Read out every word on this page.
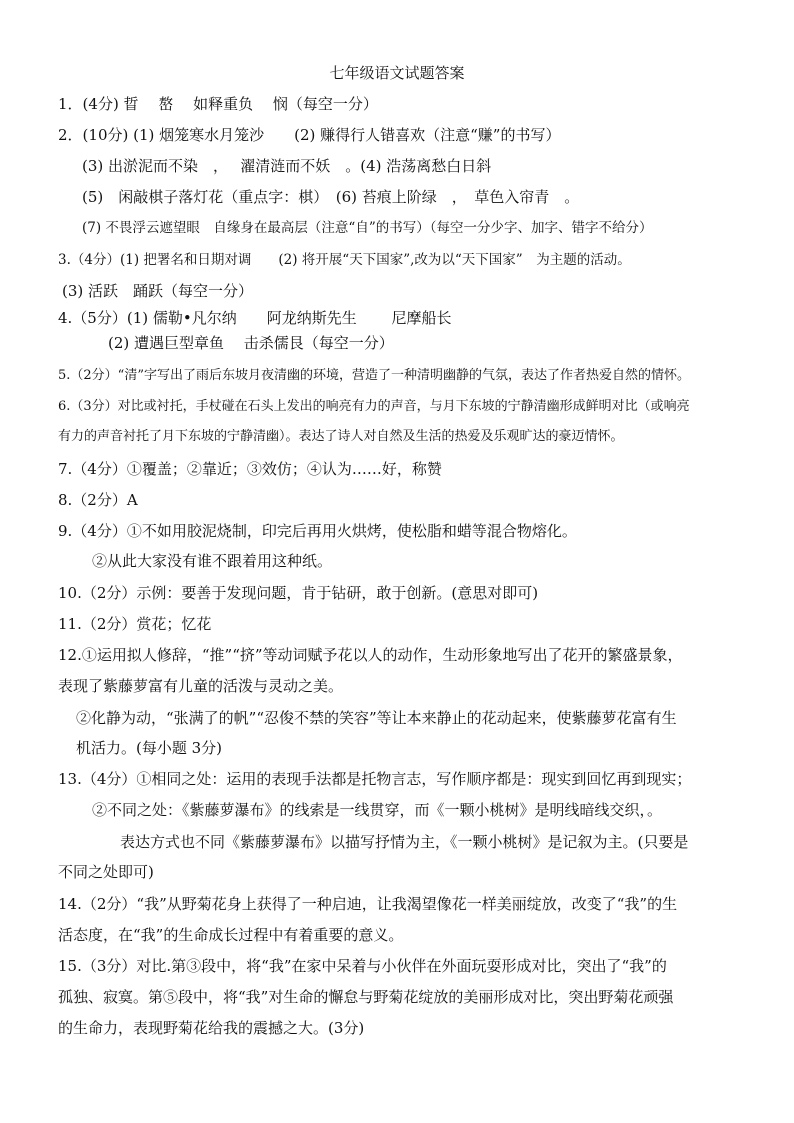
七年级语文试题答案
1．(4分) 晢　 嶅　 如释重负　 悯（每空一分）
2．(10分) (1) 烟笼寒水月笼沙　　(2) 赚得行人错喜欢（注意“赚”的书写）
(3) 出淤泥而不染　，　 濯清涟而不妖　。(4) 浩荡离愁白日斜
(5)　闲敲棋子落灯花（重点字：棋）　(6) 苔痕上阶绿　，　草色入帘青　。
(7) 不畏浮云遮望眼　自缘身在最高层（注意“自”的书写）（每空一分少字、加字、错字不给分）
3.（4分）(1) 把署名和日期对调　　(2) 将开展“天下国家”,改为以“天下国家”　为主题的活动。
(3) 活跃　踊跃（每空一分）
4.（5分）(1) 儒勒•凡尔纳　　阿龙纳斯先生　　 尼摩船长
(2) 遭遇巨型章鱼　 击杀儒艮（每空一分）
5.（2分）“清”字写出了雨后东坡月夜清幽的环境，营造了一种清明幽静的气氛，表达了作者热爱自然的情怀。
6.（3分）对比或衬托，手杖碰在石头上发出的响亮有力的声音，与月下东坡的宁静清幽形成鲜明对比（或响亮
有力的声音衬托了月下东坡的宁静清幽）。表达了诗人对自然及生活的热爱及乐观旷达的豪迈情怀。
7.（4分）①覆盖；②靠近；③效仿；④认为……好，称赞
8.（2分）A
9.（4分）①不如用胶泥烧制，印完后再用火烘烤，使松脂和蜡等混合物熔化。
②从此大家没有谁不跟着用这种纸。
10.（2分）示例：要善于发现问题，肯于钻研，敢于创新。(意思对即可)
11.（2分）赏花；忆花
12.①运用拟人修辞，“推”“挤”等动词赋予花以人的动作，生动形象地写出了花开的繁盛景象，
表现了紫藤萝富有儿童的活泼与灵动之美。
②化静为动，“张满了的帆”“忍俊不禁的笑容”等让本来静止的花动起来，使紫藤萝花富有生
机活力。(每小题 3分)
13.（4分）①相同之处：运用的表现手法都是托物言志，写作顺序都是：现实到回忆再到现实；
②不同之处：《紫藤萝瀑布》的线索是一线贯穿，而《一颗小桃树》是明线暗线交织，。
表达方式也不同《紫藤萝瀑布》以描写抒情为主，《一颗小桃树》是记叙为主。(只要是
不同之处即可)
14.（2分）“我”从野菊花身上获得了一种启迪，让我渴望像花一样美丽绽放，改变了“我”的生
活态度，在“我”的生命成长过程中有着重要的意义。
15.（3分）对比.第③段中，将“我”在家中呆着与小伙伴在外面玩耍形成对比，突出了“我”的
孤独、寂寞。第⑤段中，将“我”对生命的懈怠与野菊花绽放的美丽形成对比，突出野菊花顽强
的生命力，表现野菊花给我的震撼之大。(3分)
